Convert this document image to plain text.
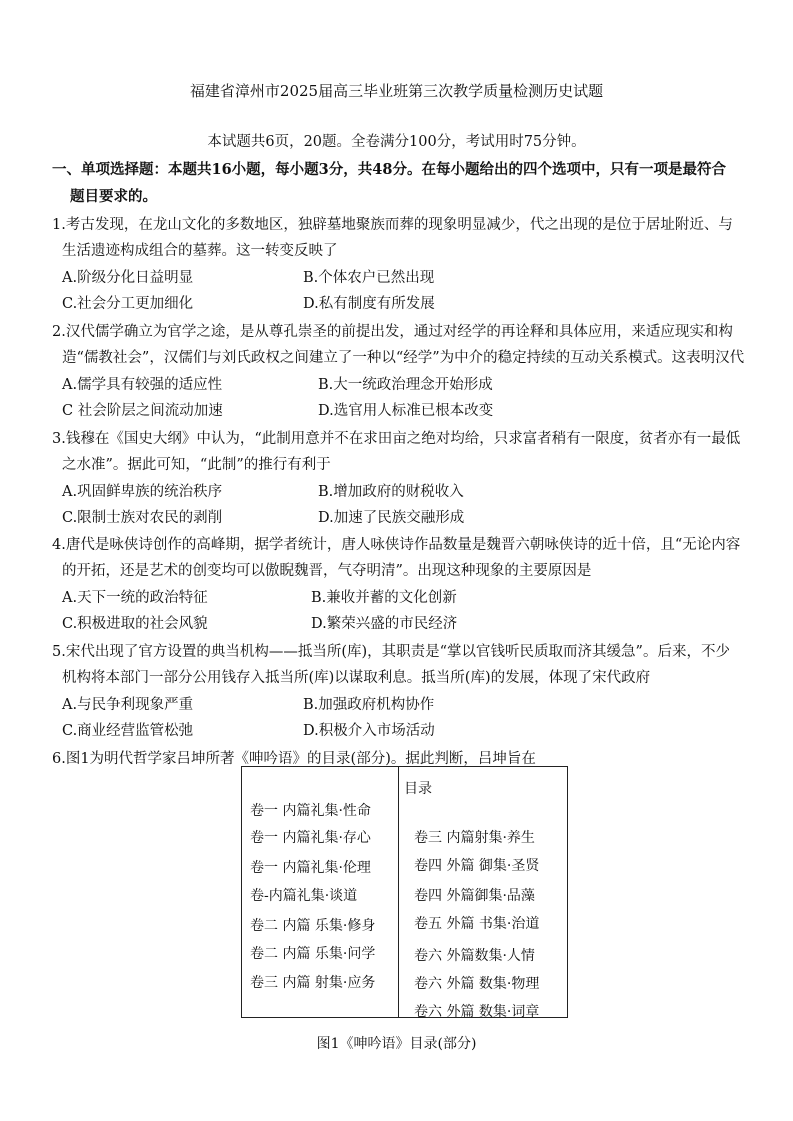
福建省漳州市2025届高三毕业班第三次教学质量检测历史试题
本试题共6页，20题。全卷满分100分，考试用时75分钟。
一、单项选择题：本题共16小题，每小题3分，共48分。在每小题给出的四个选项中，只有一项是最符合
题目要求的。
1.考古发现，在龙山文化的多数地区，独辟墓地聚族而葬的现象明显减少，代之出现的是位于居址附近、与
生活遗迹构成组合的墓葬。这一转变反映了
A.阶级分化日益明显	B.个体农户已然出现
C.社会分工更加细化	D.私有制度有所发展
2.汉代儒学确立为官学之途，是从尊孔崇圣的前提出发，通过对经学的再诠释和具体应用，来适应现实和构
造“儒教社会”，汉儒们与刘氏政权之间建立了一种以“经学”为中介的稳定持续的互动关系模式。这表明汉代
A.儒学具有较强的适应性	B.大一统政治理念开始形成
C 社会阶层之间流动加速	D.选官用人标准已根本改变
3.钱穆在《国史大纲》中认为，“此制用意并不在求田亩之绝对均给，只求富者稍有一限度，贫者亦有一最低
之水准”。据此可知，“此制”的推行有利于
A.巩固鲜卑族的统治秩序	B.增加政府的财税收入
C.限制士族对农民的剥削	D.加速了民族交融形成
4.唐代是咏侠诗创作的高峰期，据学者统计，唐人咏侠诗作品数量是魏晋六朝咏侠诗的近十倍，且“无论内容
的开拓，还是艺术的创变均可以傲睨魏晋，气夺明清”。出现这种现象的主要原因是
A.天下一统的政治特征	B.兼收并蓄的文化创新
C.积极进取的社会风貌	D.繁荣兴盛的市民经济
5.宋代出现了官方设置的典当机构——抵当所(库)，其职责是“掌以官钱听民质取而济其缓急”。后来，不少
机构将本部门一部分公用钱存入抵当所(库)以谋取利息。抵当所(库)的发展，体现了宋代政府
A.与民争利现象严重	B.加强政府机构协作
C.商业经营监管松弛	D.积极介入市场活动
6.图1为明代哲学家吕坤所著《呻吟语》的目录(部分)。据此判断，吕坤旨在
目录
卷一 内篇礼集·性命
卷一 内篇礼集·存心
卷一 内篇礼集·伦理
卷-内篇礼集·谈道
卷二 内篇 乐集·修身
卷二 内篇 乐集·问学
卷三 内篇 射集·应务
卷三 内篇射集·养生
卷四 外篇 御集·圣贤
卷四 外篇御集·品藻
卷五 外篇 书集·治道
卷六 外篇数集·人情
卷六 外篇 数集·物理
卷六 外篇 数集·词章
图1《呻吟语》目录(部分)
